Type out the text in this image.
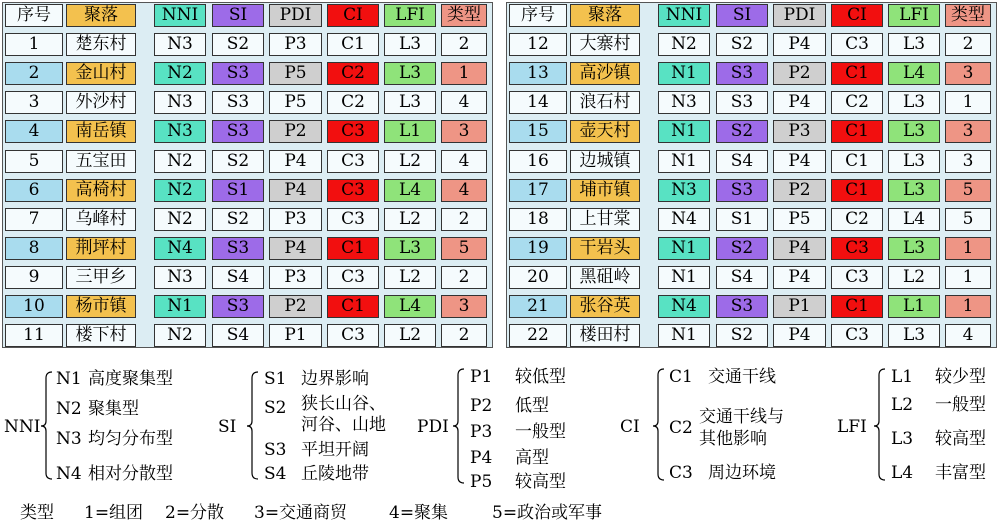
NNI
N1 高度聚集型
N2 聚集型
N3 均匀分布型
N4 相对分散型
SI
S1 边界影响
S2 狭长山谷、
河谷、山地
S3 平坦开阔
S4 丘陵地带
PDI
P1 较低型
P2 低型
P3 一般型
P4 高型
P5 较高型
CI
C1 交通干线
C2
交通干线与
其他影响
C3 周边环境
LFI
L1 较少型
L2 一般型
L3 较高型
L4 丰富型
类型 1=组团 2=分散 3=交通商贸 4=聚集	5=政治或军事
序号	聚落	NNI	SI	PDI	CI	LFI	类型
1	楚东村	N3	S2	P3	C1	L3	2
2	金山村	N2	S3	P5	C2	L3	1
3	外沙村	N3	S3	P5	C2	L3	4
4	南岳镇	N3	S3	P2	C3	L1	3
5	五宝田	N2	S2	P4	C3	L2	4
6	高椅村	N2	S1	P4	C3	L4	4
7	乌峰村	N2	S2	P3	C3	L2	2
8	荆坪村	N4	S3	P4	C1	L3	5
9	三甲乡	N3	S4	P3	C3	L2	2
10	杨市镇	N1	S3	P2	C1	L4	3
11	楼下村	N2	S4	P1	C3	L2	2
序号	聚落	NNI	SI	PDI	CI	LFI	类型
12	大寨村	N2	S2	P4	C3	L3	2
13	高沙镇	N1	S3	P2	C1	L4	3
14	浪石村	N3	S3	P4	C2	L3	1
15	壶天村	N1	S2	P3	C1	L3	3
16	边城镇	N1	S4	P4	C1	L3	3
17	埔市镇	N3	S3	P2	C1	L3	5
18	上甘棠	N4	S1	P5	C2	L4	5
19	干岩头	N1	S2	P4	C3	L3	1
20	黑砠岭	N1	S4	P4	C3	L2	1
21	张谷英	N4	S3	P1	C1	L1	1
22	楼田村	N1	S2	P4	C3	L3	4
